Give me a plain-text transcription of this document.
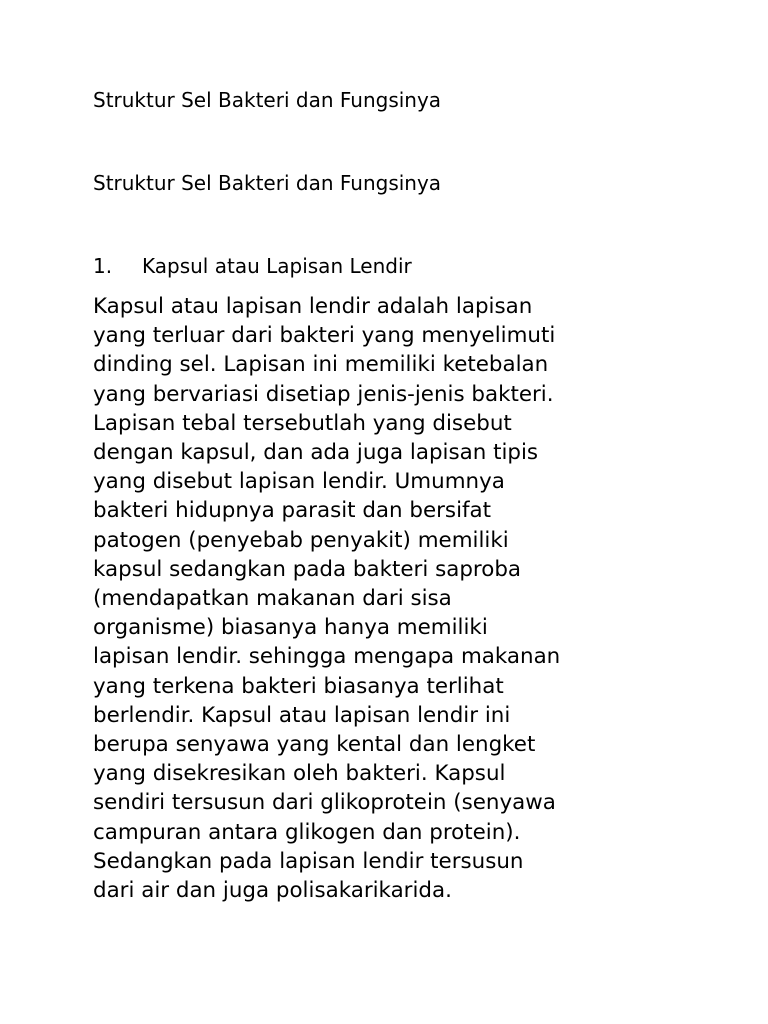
Struktur Sel Bakteri dan Fungsinya
Struktur Sel Bakteri dan Fungsinya
1. Kapsul atau Lapisan Lendir

Kapsul atau lapisan lendir adalah lapisan
yang terluar dari bakteri yang menyelimuti
dinding sel. Lapisan ini memiliki ketebalan
yang bervariasi disetiap jenis-jenis bakteri.
Lapisan tebal tersebutlah yang disebut
dengan kapsul, dan ada juga lapisan tipis
yang disebut lapisan lendir. Umumnya
bakteri hidupnya parasit dan bersifat
patogen (penyebab penyakit) memiliki
kapsul sedangkan pada bakteri saproba
(mendapatkan makanan dari sisa
organisme) biasanya hanya memiliki
lapisan lendir. sehingga mengapa makanan
yang terkena bakteri biasanya terlihat
berlendir. Kapsul atau lapisan lendir ini
berupa senyawa yang kental dan lengket
yang disekresikan oleh bakteri. Kapsul
sendiri tersusun dari glikoprotein (senyawa
campuran antara glikogen dan protein).
Sedangkan pada lapisan lendir tersusun
dari air dan juga polisakarikarida.
